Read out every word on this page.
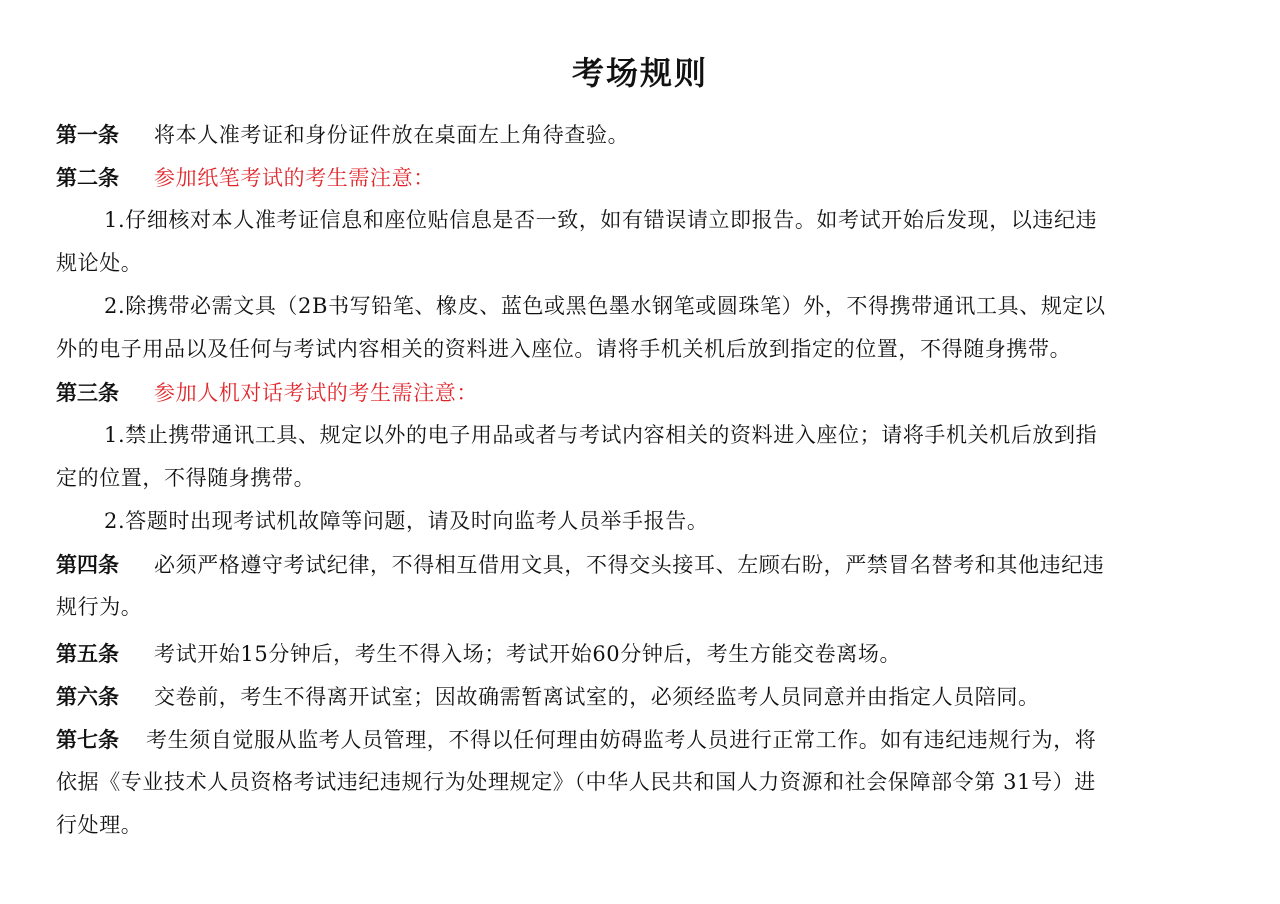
考场规则
第一条 将本人准考证和身份证件放在桌面左上角待查验。
第二条 参加纸笔考试的考生需注意：
1.仔细核对本人准考证信息和座位贴信息是否一致，如有错误请立即报告。如考试开始后发现，以违纪违
规论处。
2.除携带必需文具（2B书写铅笔、橡皮、蓝色或黑色墨水钢笔或圆珠笔）外，不得携带通讯工具、规定以
外的电子用品以及任何与考试内容相关的资料进入座位。请将手机关机后放到指定的位置，不得随身携带。
第三条 参加人机对话考试的考生需注意：
1.禁止携带通讯工具、规定以外的电子用品或者与考试内容相关的资料进入座位；请将手机关机后放到指
定的位置，不得随身携带。
2.答题时出现考试机故障等问题，请及时向监考人员举手报告。
第四条 必须严格遵守考试纪律，不得相互借用文具，不得交头接耳、左顾右盼，严禁冒名替考和其他违纪违
规行为。
第五条 考试开始15分钟后，考生不得入场；考试开始60分钟后，考生方能交卷离场。
第六条 交卷前，考生不得离开试室；因故确需暂离试室的，必须经监考人员同意并由指定人员陪同。
第七条 考生须自觉服从监考人员管理，不得以任何理由妨碍监考人员进行正常工作。如有违纪违规行为，将
依据《专业技术人员资格考试违纪违规行为处理规定》（中华人民共和国人力资源和社会保障部令第 31号）进
行处理。
